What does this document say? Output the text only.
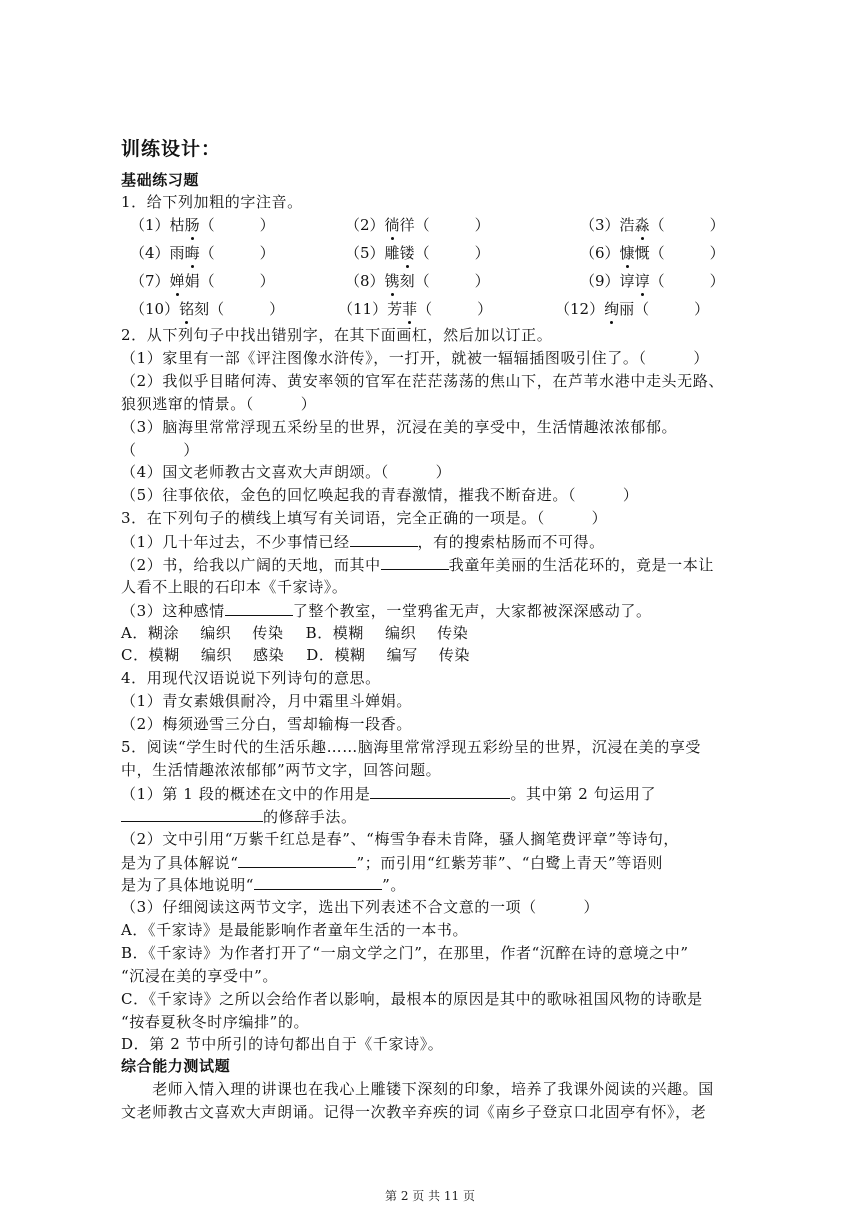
训练设计：
基础练习题
1．给下列加粗的字注音。
（1）枯肠（　　　）	（2）徜徉（　　　）	（3）浩淼（　　　）
（4）雨晦（　　　）	（5）雕镂（　　　）	（6）慷慨（　　　）
（7）婵娟（　　　）	（8）镌刻（　　　）	（9）谆谆（　　　）
（10）铭刻（　　　）	（11）芳菲（　　　）	（12）绚丽（　　　）
2．从下列句子中找出错别字，在其下面画杠，然后加以订正。
（1）家里有一部《评注图像水浒传》，一打开，就被一辐辐插图吸引住了。（　　　）
（2）我似乎目睹何涛、黄安率领的官军在茫茫荡荡的焦山下，在芦苇水港中走头无路、
狼狈逃窜的情景。（　　　）
（3）脑海里常常浮现五采纷呈的世界，沉浸在美的享受中，生活情趣浓浓郁郁。
（　　　）
（4）国文老师教古文喜欢大声朗颂。（　　　）
（5）往事依依，金色的回忆唤起我的青春激情，摧我不断奋进。（　　　）
3．在下列句子的横线上填写有关词语，完全正确的一项是。（　　　）
（1）几十年过去，不少事情已经	，有的搜索枯肠而不可得。
（2）书，给我以广阔的天地，而其中	我童年美丽的生活花环的，竟是一本让
人看不上眼的石印本《千家诗》。
（3）这种感情	了整个教室，一堂鸦雀无声，大家都被深深感动了。
A．糊涂　 编织　 传染 B．模糊　 编织　 传染
C．模糊　 编织　 感染 D．模糊　 编写　 传染
4．用现代汉语说说下列诗句的意思。
（1）青女素娥俱耐冷，月中霜里斗婵娟。
（2）梅须逊雪三分白，雪却输梅一段香。
5．阅读“学生时代的生活乐趣……脑海里常常浮现五彩纷呈的世界，沉浸在美的享受
中，生活情趣浓浓郁郁”两节文字，回答问题。
（1）第 1 段的概述在文中的作用是	。其中第 2 句运用了
的修辞手法。
（2）文中引用“万紫千红总是春”、“梅雪争春未肯降，骚人搁笔费评章”等诗句，
是为了具体解说“	”；而引用“红紫芳菲”、“白鹭上青天”等语则
是为了具体地说明“	”。
（3）仔细阅读这两节文字，选出下列表述不合文意的一项（　　　）
A．《千家诗》是最能影响作者童年生活的一本书。
B．《千家诗》为作者打开了“一扇文学之门”，在那里，作者“沉醉在诗的意境之中”
“沉浸在美的享受中”。
C．《千家诗》之所以会给作者以影响，最根本的原因是其中的歌咏祖国风物的诗歌是
“按春夏秋冬时序编排”的。
D．第 2 节中所引的诗句都出自于《千家诗》。
综合能力测试题
　　老师入情入理的讲课也在我心上雕镂下深刻的印象，培养了我课外阅读的兴趣。国
文老师教古文喜欢大声朗诵。记得一次教辛弃疾的词《南乡子登京口北固亭有怀》，老
第 2 页 共 11 页
